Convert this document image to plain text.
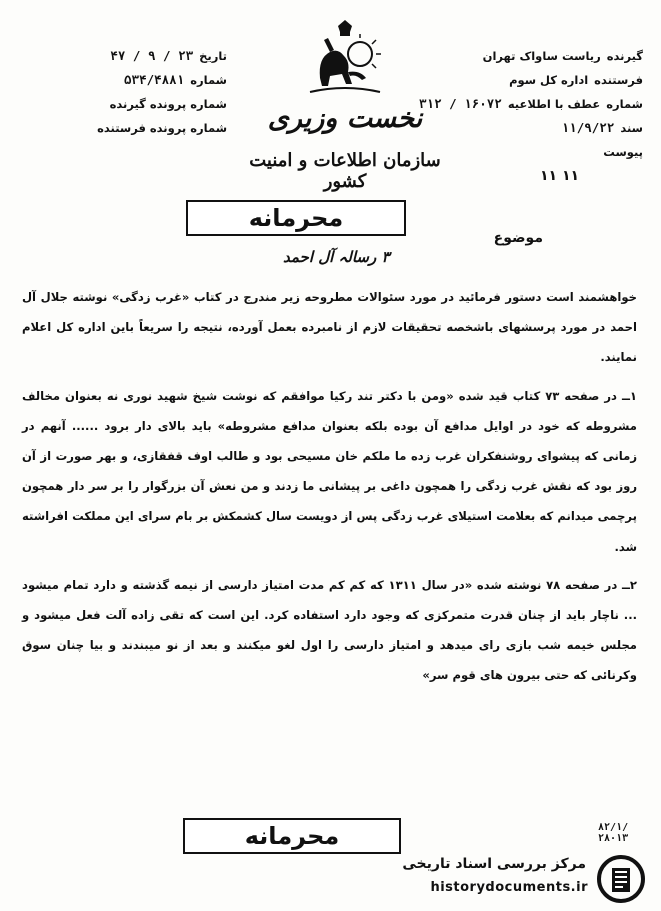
گیرنده
ریاست ساواک تهران
فرستنده
اداره کل سوم
شماره
عطف با اطلاعیه
۱۶۰۷۲ / ۳۱۲
سند
۱۱/۹/۲۲
پیوست
تاریخ
۲۳ / ۹ / ۴۷
شماره
۵۳۴/۴۸۸۱
شماره پرونده گیرنده
شماره پرونده فرستنده	نخست وزیری
سازمان اطلاعات و امنیت کشور	۱۱ ۱۱
محرمانه
موضوع
۳ رسالہ آل احمد

خواهشمند است دستور فرمائید در مورد سئوالات مطروحه زیر مندرج در کتاب «غرب زدگی» نوشته جلال آل احمد در مورد پرسشهای باشخصه تحقیقات لازم از نامبرده بعمل آورده، نتیجه را سریعاً باین اداره کل اعلام نمایند.

۱ــ در صفحه ۷۳ کتاب قید شده «ومن با دکتر تند رکیا موافقم که نوشت شیخ شهید نوری نه بعنوان مخالف مشروطه که خود در اوایل مدافع آن بوده بلکه بعنوان مدافع مشروطه» باید بالای دار برود ...... آنهم در زمانی که پیشوای روشنفکران غرب زده ما ملکم خان مسیحی بود و طالب اوف قفقازی، و بهر صورت از آن روز بود که نقش غرب زدگی را همچون داغی بر پیشانی ما زدند و من نعش آن بزرگوار را بر سر دار همچون پرچمی میدانم که بعلامت استیلای غرب زدگی پس از دویست سال کشمکش بر بام سرای این مملکت افراشته شد.

۲ــ در صفحه ۷۸ نوشته شده «در سال ۱۳۱۱ که کم کم مدت امتیاز دارسی از نیمه گذشته و دارد تمام میشود ... ناچار باید از چنان قدرت متمرکزی که وجود دارد استفاده کرد. این است که تقی زاده آلت فعل میشود و مجلس خیمه شب بازی رای میدهد و امتیاز دارسی را اول لغو میکنند و بعد از نو میبندند و بیا چنان سوق وکرنائی که حتی بیرون های قوم سر»

محرمانه	۸۲/۱/ ۲۸۰۱۳
مرکز بررسی اسناد تاریخی
historydocuments.ir
